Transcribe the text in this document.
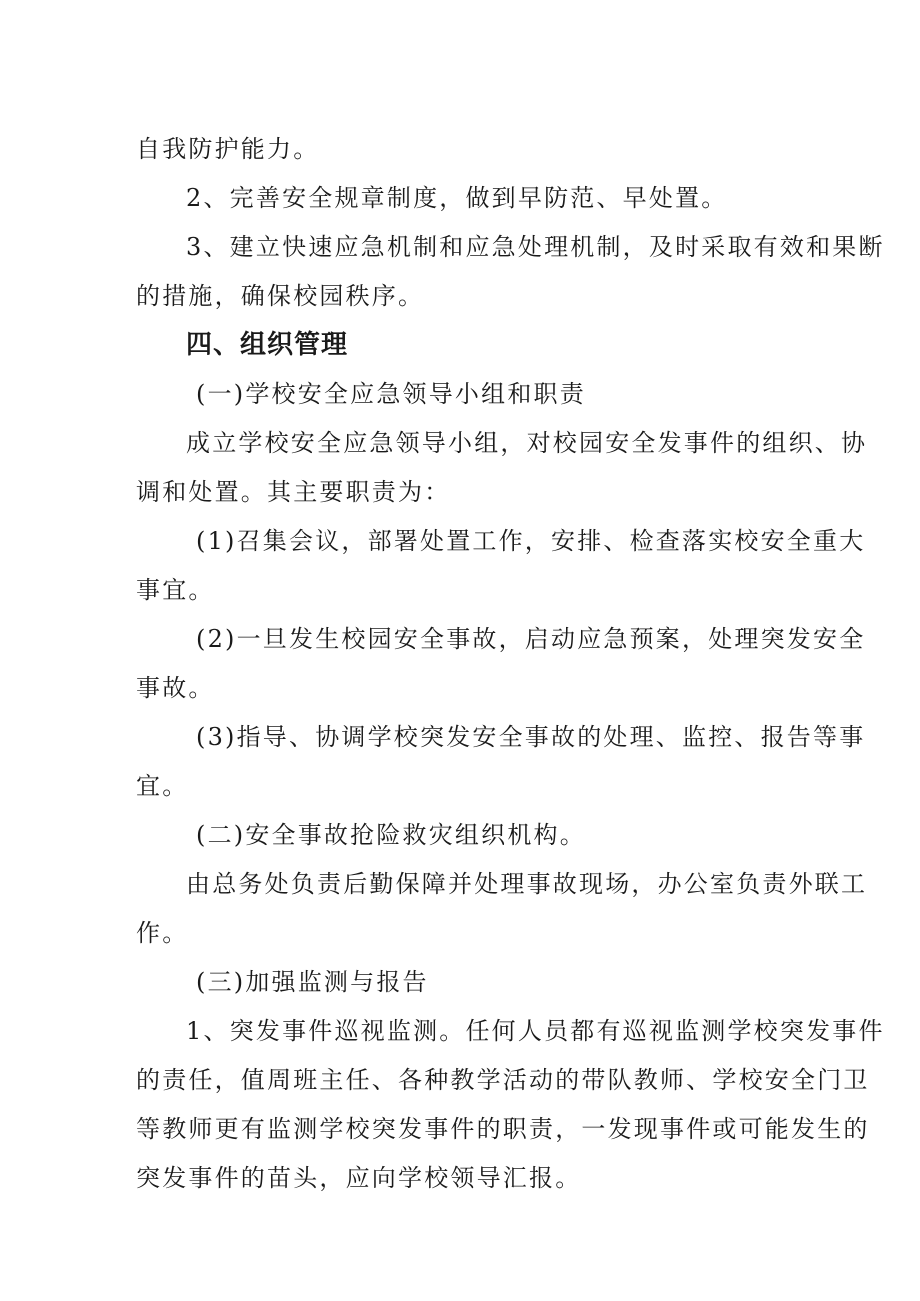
自我防护能力。
2、完善安全规章制度，做到早防范、早处置。
3、建立快速应急机制和应急处理机制，及时采取有效和果断
的措施，确保校园秩序。
四、组织管理
(一)学校安全应急领导小组和职责
成立学校安全应急领导小组，对校园安全发事件的组织、协
调和处置。其主要职责为：
(1)召集会议，部署处置工作，安排、检查落实校安全重大
事宜。
(2)一旦发生校园安全事故，启动应急预案，处理突发安全
事故。
(3)指导、协调学校突发安全事故的处理、监控、报告等事
宜。
(二)安全事故抢险救灾组织机构。
由总务处负责后勤保障并处理事故现场，办公室负责外联工
作。
(三)加强监测与报告
1、突发事件巡视监测。任何人员都有巡视监测学校突发事件
的责任，值周班主任、各种教学活动的带队教师、学校安全门卫
等教师更有监测学校突发事件的职责，一发现事件或可能发生的
突发事件的苗头，应向学校领导汇报。
